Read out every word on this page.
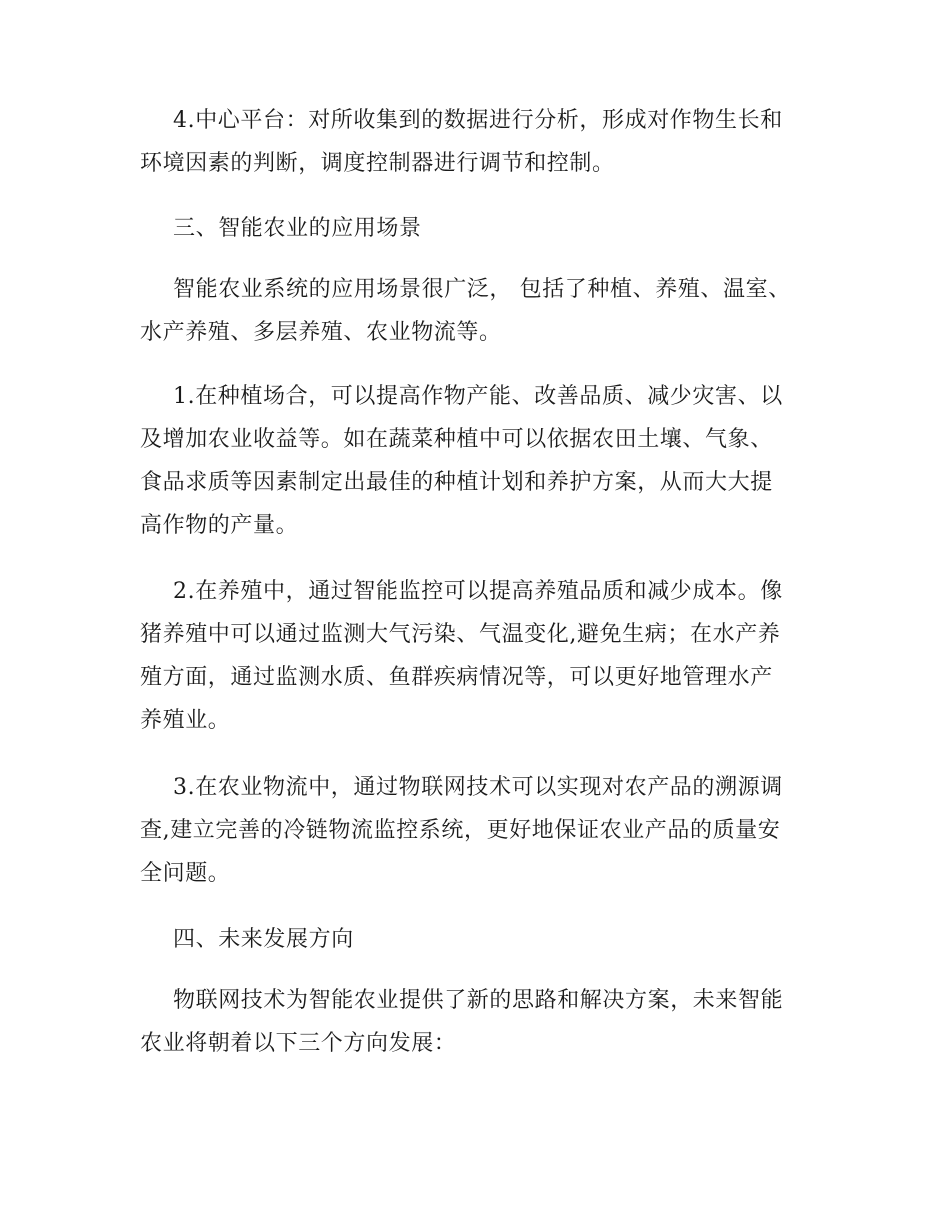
4.中心平台：对所收集到的数据进行分析，形成对作物生长和
环境因素的判断，调度控制器进行调节和控制。
三、智能农业的应用场景
智能农业系统的应用场景很广泛， 包括了种植、养殖、温室、
水产养殖、多层养殖、农业物流等。
1.在种植场合，可以提高作物产能、改善品质、减少灾害、以
及增加农业收益等。如在蔬菜种植中可以依据农田土壤、气象、
食品求质等因素制定出最佳的种植计划和养护方案，从而大大提
高作物的产量。
2.在养殖中，通过智能监控可以提高养殖品质和减少成本。像
猪养殖中可以通过监测大气污染、气温变化,避免生病；在水产养
殖方面，通过监测水质、鱼群疾病情况等，可以更好地管理水产
养殖业。
3.在农业物流中，通过物联网技术可以实现对农产品的溯源调
查,建立完善的冷链物流监控系统，更好地保证农业产品的质量安
全问题。
四、未来发展方向
物联网技术为智能农业提供了新的思路和解决方案，未来智能
农业将朝着以下三个方向发展：
